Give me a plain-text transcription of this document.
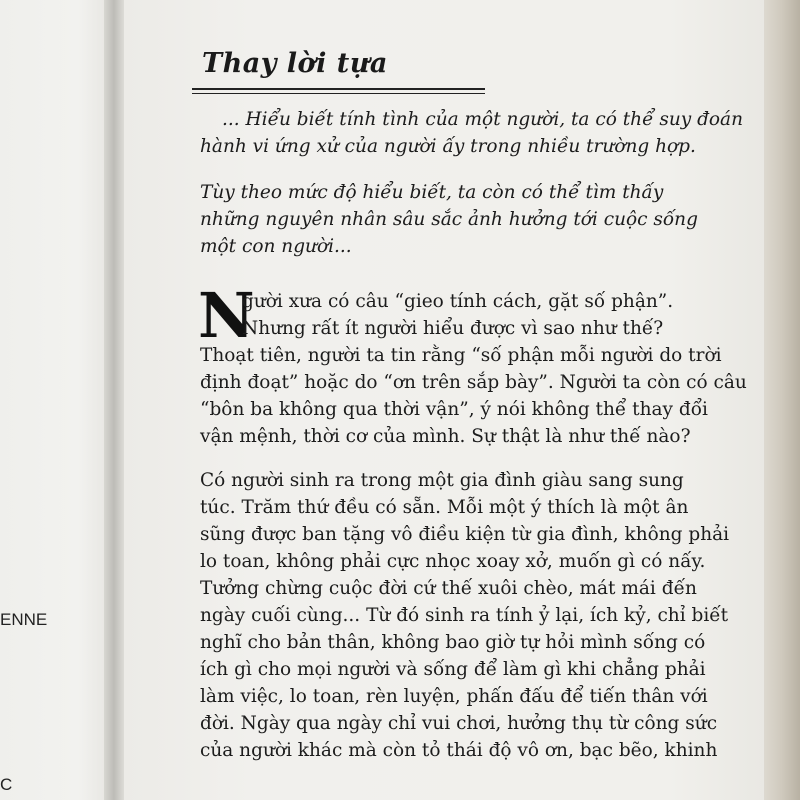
ENNE
C
Thay lời tựa
... Hiểu biết tính tình của một người, ta có thể suy đoán
hành vi ứng xử của người ấy trong nhiều trường hợp.
Tùy theo mức độ hiểu biết, ta còn có thể tìm thấy
những nguyên nhân sâu sắc ảnh hưởng tới cuộc sống
một con người...
N
gười xưa có câu “gieo tính cách, gặt số phận”.
Nhưng rất ít người hiểu được vì sao như thế?
Thoạt tiên, người ta tin rằng “số phận mỗi người do trời
định đoạt” hoặc do “ơn trên sắp bày”. Người ta còn có câu
“bôn ba không qua thời vận”, ý nói không thể thay đổi
vận mệnh, thời cơ của mình. Sự thật là như thế nào?
Có người sinh ra trong một gia đình giàu sang sung
túc. Trăm thứ đều có sẵn. Mỗi một ý thích là một ân
sũng được ban tặng vô điều kiện từ gia đình, không phải
lo toan, không phải cực nhọc xoay xở, muốn gì có nấy.
Tưởng chừng cuộc đời cứ thế xuôi chèo, mát mái đến
ngày cuối cùng... Từ đó sinh ra tính ỷ lại, ích kỷ, chỉ biết
nghĩ cho bản thân, không bao giờ tự hỏi mình sống có
ích gì cho mọi người và sống để làm gì khi chẳng phải
làm việc, lo toan, rèn luyện, phấn đấu để tiến thân với
đời. Ngày qua ngày chỉ vui chơi, hưởng thụ từ công sức
của người khác mà còn tỏ thái độ vô ơn, bạc bẽo, khinh
